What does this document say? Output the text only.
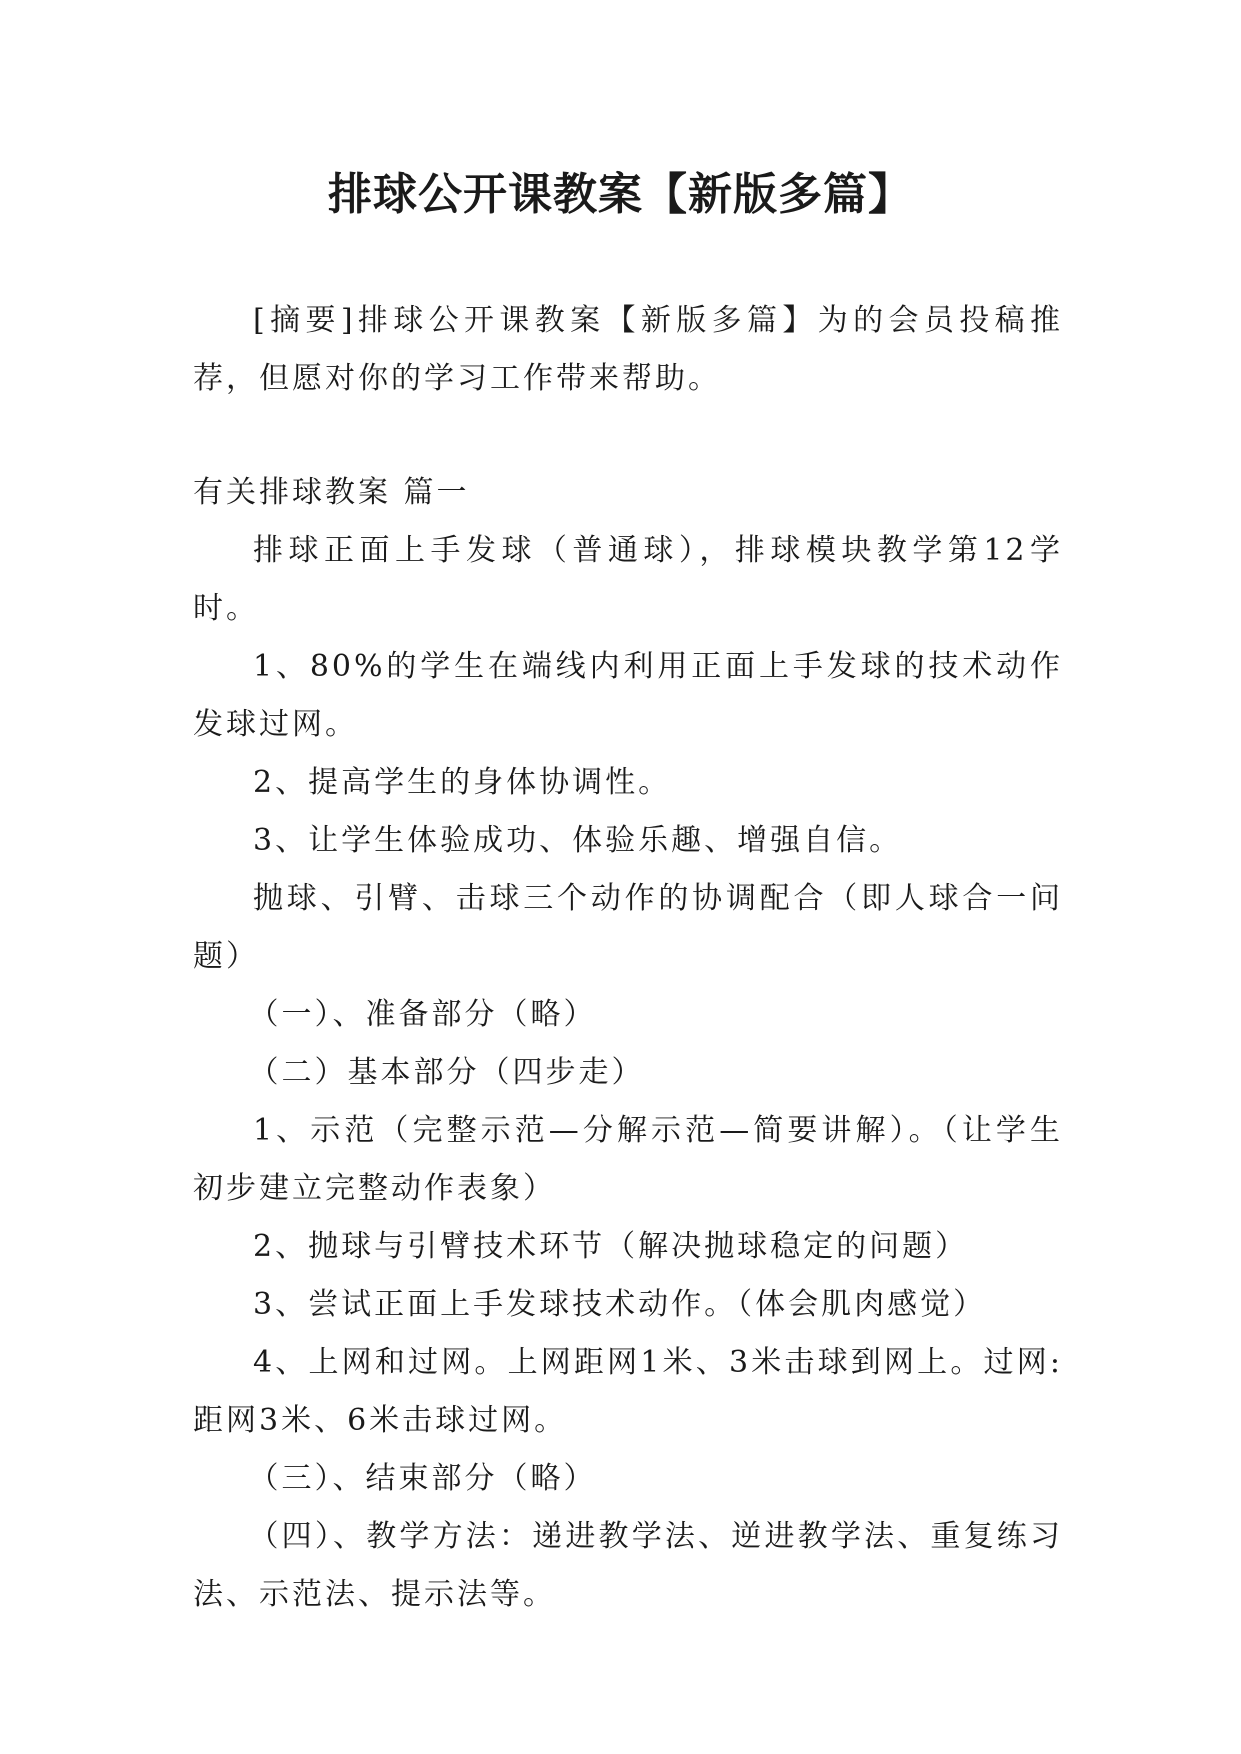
排球公开课教案【新版多篇】

[摘要]排球公开课教案【新版多篇】为的会员投稿推荐，但愿对你的学习工作带来帮助。

有关排球教案 篇一

排球正面上手发球（普通球），排球模块教学第12学时。

1、80%的学生在端线内利用正面上手发球的技术动作发球过网。

2、提高学生的身体协调性。

3、让学生体验成功、体验乐趣、增强自信。

抛球、引臂、击球三个动作的协调配合（即人球合一问题）

（一）、准备部分（略）

（二）基本部分（四步走）

1、示范（完整示范—分解示范—简要讲解）。（让学生初步建立完整动作表象）

2、抛球与引臂技术环节（解决抛球稳定的问题）

3、尝试正面上手发球技术动作。（体会肌肉感觉）

4、上网和过网。上网距网1米、3米击球到网上。过网:距网3米、6米击球过网。

（三）、结束部分（略）

（四）、教学方法：递进教学法、逆进教学法、重复练习法、示范法、提示法等。
